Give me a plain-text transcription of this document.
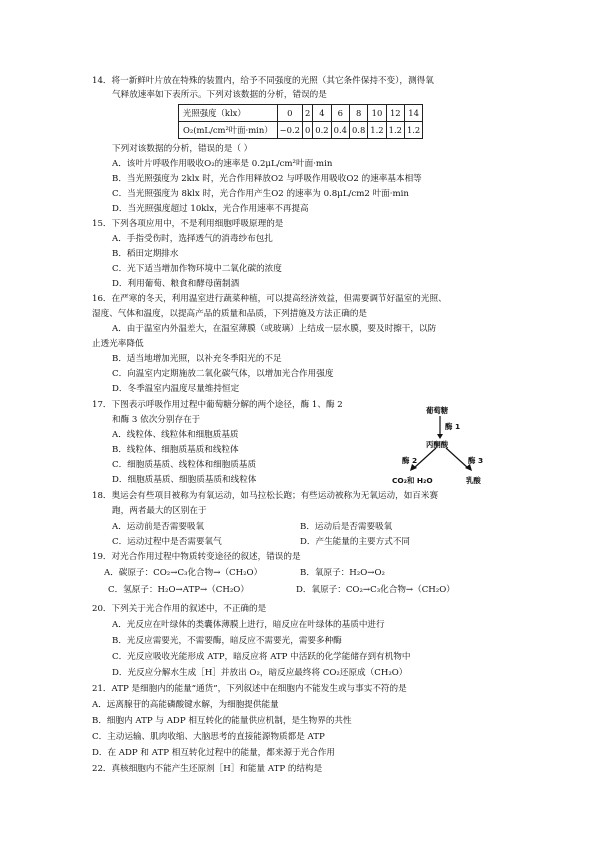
14．将一新鲜叶片放在特殊的装置内，给予不同强度的光照（其它条件保持不变），测得氧
气释放速率如下表所示。下列对该数据的分析，错误的是
光照强度（klx）	0	2	4	6	8	10	12	14
O₂(mL/cm²叶面·min）	−0.2	0	0.2	0.4	0.8	1.2	1.2	1.2
下列对该数据的分析，错误的是（ ）
A．该叶片呼吸作用吸收O₂的速率是 0.2μL/cm²叶面·min
B．当光照强度为 2klx 时，光合作用释放O2 与呼吸作用吸收O2 的速率基本相等
C．当光照强度为 8klx 时，光合作用产生O2 的速率为 0.8μL/cm2 叶面·min
D．当光照强度超过 10klx，光合作用速率不再提高
15．下列各项应用中，不是利用细胞呼吸原理的是
A．手指受伤时，选择透气的消毒纱布包扎
B．稻田定期排水
C．光下适当增加作物环境中二氧化碳的浓度
D．利用葡萄、粮食和酵母菌制酒
16．在严寒的冬天，利用温室进行蔬菜种植，可以提高经济效益，但需要调节好温室的光照、
湿度、气体和温度，以提高产品的质量和品质，下列措施及方法正确的是
A．由于温室内外温差大，在温室薄膜（或玻璃）上结成一层水膜，要及时擦干，以防
止透光率降低
B．适当地增加光照，以补充冬季阳光的不足
C．向温室内定期施放二氧化碳气体，以增加光合作用强度
D．冬季温室内温度尽量维持恒定
17．下图表示呼吸作用过程中葡萄糖分解的两个途径，酶 1、酶 2
和酶 3 依次分别存在于
A．线粒体、线粒体和细胞质基质
B．线粒体、细胞质基质和线粒体
C．细胞质基质、线粒体和细胞质基质
D．细胞质基质、细胞质基质和线粒体
葡萄糖
酶 1
丙酮酸
酶 2	酶 3
CO₂和 H₂O	乳酸
18．奥运会有些项目被称为有氧运动，如马拉松长跑；有些运动被称为无氧运动，如百米赛
跑，两者最大的区别在于
A．运动前是否需要吸氧	B．运动后是否需要吸氧
C．运动过程中是否需要氧气	D．产生能量的主要方式不同
19．对光合作用过程中物质转变途径的叙述，错误的是
A．碳原子：CO₂→C₃化合物→（CH₂O）	B．氧原子：H₂O→O₂
C．氢原子：H₂O→ATP→（CH₂O）	D．氧原子：CO₂→C₃化合物→（CH₂O）
20．下列关于光合作用的叙述中，不正确的是
A．光反应在叶绿体的类囊体薄膜上进行，暗反应在叶绿体的基质中进行
B．光反应需要光，不需要酶，暗反应不需要光，需要多种酶
C．光反应吸收光能形成 ATP，暗反应将 ATP 中活跃的化学能储存到有机物中
D．光反应分解水生成［H］并放出 O₂，暗反应最终将 CO₂还原成（CH₂O）
21．ATP 是细胞内的能量“通货”，下列叙述中在细胞内不能发生或与事实不符的是
A．远离腺苷的高能磷酸键水解，为细胞提供能量
B．细胞内 ATP 与 ADP 相互转化的能量供应机制，是生物界的共性
C．主动运输、肌肉收缩、大脑思考的直接能源物质都是 ATP
D．在 ADP 和 ATP 相互转化过程中的能量，都来源于光合作用
22．真核细胞内不能产生还原剂［H］和能量 ATP 的结构是
